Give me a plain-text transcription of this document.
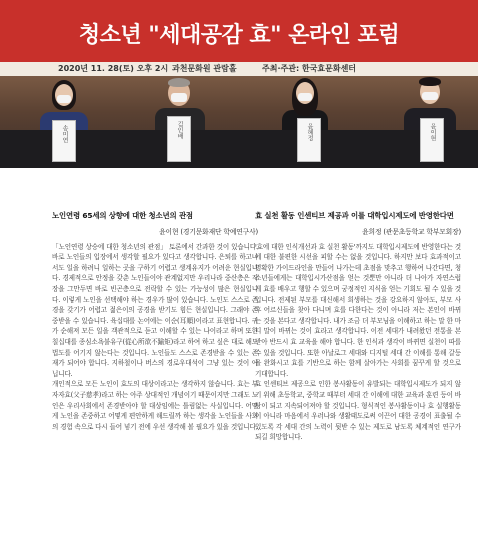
청소년 "세대공감 효" 온라인 포럼
2020년 11. 28(토) 오후 2시 과천문화원 관람홀	주최·주관: 한국효문화센터
송미연	김인배	윤혜정	윤이현
노인연령 65세의 상향에 대한 청소년의 관점
윤이현 (경기문화재단 학예연구사)

「노인연령 상승에 대한 청소년의 관점」 토론에서 간과한 것이 있습니다. 바로 노인들의 입장에서 생각할 필요가 있다고 생각합니다. 은퇴를 하고나서도 일을 하려니 일하는 곳을 구하기 어렵고 생계유지가 어려운 현실입니다. 경제적으로 안정을 갖춘 노인들이야 관계없지만 우리나라 중산층은 직장을 그만두면 바로 빈곤층으로 전락할 수 있는 가능성이 많은 현실입니다. 이렇게 노인을 선택해야 하는 경우가 많이 있습니다. 노인도 스스로 존경을 갖기가 어렵고 젊은이의 공경을 받기도 힘든 현실입니다. 그래야 존중받을 수 있습니다. 육십대를 논어에는 이순(耳順)이라고 표현합니다. 귀가 순해져 모든 일을 객관적으로 듣고 이해할 수 있는 나이라고 하며 또한 칠십대를 종심소욕불유구(從心所欲不踰矩)라고 하여 하고 싶은 대로 해도 법도를 어기지 않는다는 것입니다. 노인들도 스스로 존경받을 수 있는 존재가 되어야 합니다. 지하철이나 버스의 경로우대석이 그냥 있는 것이 아닙니다.

개인적으로 모든 노인이 효도의 대상이라고는 생각하지 않습니다. 효는 부자자효(父子慈孝)라고 하는 아주 상대적인 개념이기 때문이지만 그래도 노인은 우리사회에서 존경받아야 할 대상임에는 틀림없는 사실입니다. 어떻게 노인을 존중하고 어떻게 편안하게 해드릴까 하는 생각을 노인들을 사회의 경험 속으로 다시 들어 넣기 전에 우선 생각해 볼 필요가 있을 것입니다.

효 실천 활동 인센티브 제공과 이를 대학입시제도에 반영한다면
윤희정 (관문초등학교 학부모회장)

'효에 대한 인식개선과 효 실천 활동'까지도 대학입시제도에 반영한다는 것에 대한 불편한 시선을 피할 수는 없을 것입니다. 하지만 보다 효과적이고 명확한 가이드라인을 만들어 나가는데 초점을 맞추고 행하여 나간다면, 청소년들에게는 대학입시가산점을 얻는 것뿐만 아니라 더 나아가 자연스럽게 효를 배우고 행할 수 있으며 궁정적인 지식을 얻는 기회도 될 수 있을 것입니다. 전제된 부모를 대신해서 희생하는 것을 강요하지 않아도, 부모 사후 어르신들을 찾아 다니며 효를 다한다는 것이 아니라 저는 본인이 바뀌는 것을 본다고 생각합니다. 내가 조금 더 부모님을 이해하고 하는 말 한 마디 말이 바뀌는 것이 효라고 생각합니다. 이전 세대가 내려왔던 전통을 본받아 반드시 효 교육을 해야 합니다. 한 인식과 생각이 바뀌면 실천이 따를 수 있을 것입니다. 또한 아날로그 세대와 디지털 세대 간 이해를 통해 갈등을 완화시고 효를 기반으로 하는 함께 살아가는 사회를 꿈꾸게 할 것으로 기대합니다.

효 인센티브 제공으로 인한 봉사활동이 유발되는 대학입시제도가 되지 않기 위해 초등학교, 중학교 때부터 세대 간 이해에 대한 교육과 훈련 등이 바탕이 되고 지속되어져야 할 것입니다. 형식적인 봉사활동이나 효 실행활동이 아니라 마음에서 우러나와 생활태도로써 이끈어 대한 공경이 표출될 수 있도록 각 세대 간의 노력이 뒷받 수 있는 제도로 남도록 체계적인 연구가 되길 희망합니다.
